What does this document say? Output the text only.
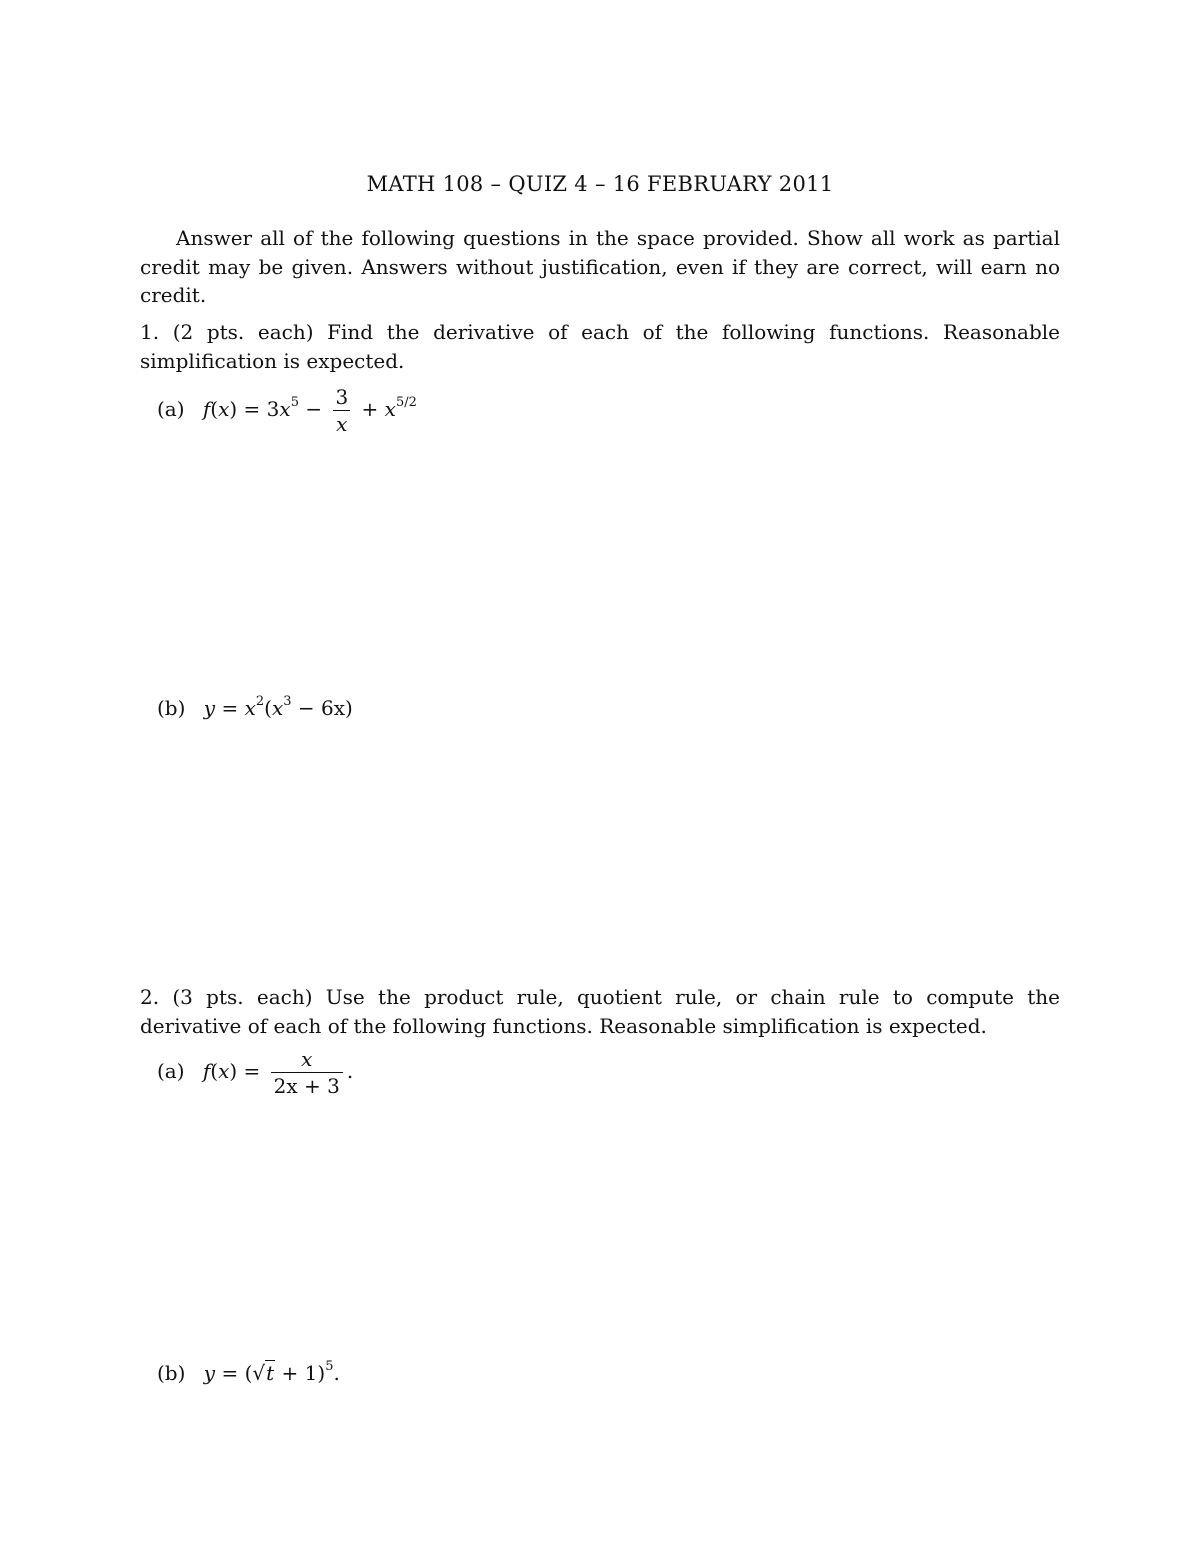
MATH 108 – QUIZ 4 – 16 FEBRUARY 2011

Answer all of the following questions in the space provided. Show all work as partial credit may be given. Answers without justification, even if they are correct, will earn no credit.

1. (2 pts. each) Find the derivative of each of the following functions. Reasonable simplification is expected.

(a) $f(x) = 3x^5 - \frac{3}{x} + x^{5/2}$
(b) $y = x^2(x^3 - 6x)$

2. (3 pts. each) Use the product rule, quotient rule, or chain rule to compute the derivative of each of the following functions. Reasonable simplification is expected.

(a) $f(x) = \frac{x}{2x + 3}$ .
(b) $y = (√t + 1)^5$.
